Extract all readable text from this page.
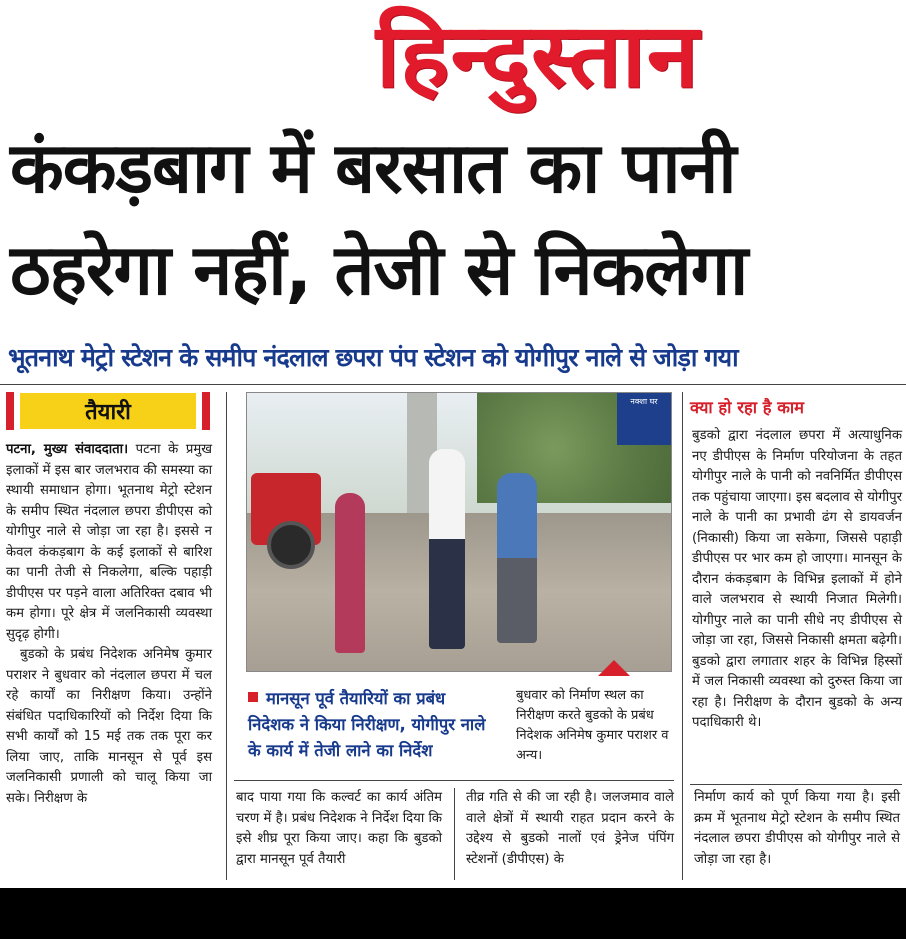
हिन्दुस्तान
कंकड़बाग में बरसात का पानी
ठहरेगा नहीं, तेजी से निकलेगा
भूतनाथ मेट्रो स्टेशन के समीप नंदलाल छपरा पंप स्टेशन को योगीपुर नाले से जोड़ा गया
तैयारी
पटना, मुख्य संवाददाता। पटना के प्रमुख इलाकों में इस बार जलभराव की समस्या का स्थायी समाधान होगा। भूतनाथ मेट्रो स्टेशन के समीप स्थित नंदलाल छपरा डीपीएस को योगीपुर नाले से जोड़ा जा रहा है। इससे न केवल कंकड़बाग के कई इलाकों से बारिश का पानी तेजी से निकलेगा, बल्कि पहाड़ी डीपीएस पर पड़ने वाला अतिरिक्त दबाव भी कम होगा। पूरे क्षेत्र में जलनिकासी व्यवस्था सुदृढ़ होगी।
बुडको के प्रबंध निदेशक अनिमेष कुमार पराशर ने बुधवार को नंदलाल छपरा में चल रहे कार्यों का निरीक्षण किया। उन्होंने संबंधित पदाधिकारियों को निर्देश दिया कि सभी कार्यों को 15 मई तक तक पूरा कर लिया जाए, ताकि मानसून से पूर्व इस जलनिकासी प्रणाली को चालू किया जा सके। निरीक्षण के
नक्शा घर
मानसून पूर्व तैयारियों का प्रबंध निदेशक ने किया निरीक्षण, योगीपुर नाले के कार्य में तेजी लाने का निर्देश
बुधवार को निर्माण स्थल का निरीक्षण करते बुडको के प्रबंध निदेशक अनिमेष कुमार पराशर व अन्य।
बाद पाया गया कि कल्वर्ट का कार्य अंतिम चरण में है। प्रबंध निदेशक ने निर्देश दिया कि इसे शीघ्र पूरा किया जाए। कहा कि बुडको द्वारा मानसून पूर्व तैयारी
तीव्र गति से की जा रही है। जलजमाव वाले वाले क्षेत्रों में स्थायी राहत प्रदान करने के उद्देश्य से बुडको नालों एवं ड्रेनेज पंपिंग स्टेशनों (डीपीएस) के
क्या हो रहा है काम
बुडको द्वारा नंदलाल छपरा में अत्याधुनिक नए डीपीएस के निर्माण परियोजना के तहत योगीपुर नाले के पानी को नवनिर्मित डीपीएस तक पहुंचाया जाएगा। इस बदलाव से योगीपुर नाले के पानी का प्रभावी ढंग से डायवर्जन (निकासी) किया जा सकेगा, जिससे पहाड़ी डीपीएस पर भार कम हो जाएगा। मानसून के दौरान कंकड़बाग के विभिन्न इलाकों में होने वाले जलभराव से स्थायी निजात मिलेगी। योगीपुर नाले का पानी सीधे नए डीपीएस से जोड़ा जा रहा, जिससे निकासी क्षमता बढ़ेगी। बुडको द्वारा लगातार शहर के विभिन्न हिस्सों में जल निकासी व्यवस्था को दुरुस्त किया जा रहा है। निरीक्षण के दौरान बुडको के अन्य पदाधिकारी थे।
निर्माण कार्य को पूर्ण किया गया है। इसी क्रम में भूतनाथ मेट्रो स्टेशन के समीप स्थित नंदलाल छपरा डीपीएस को योगीपुर नाले से जोड़ा जा रहा है।
